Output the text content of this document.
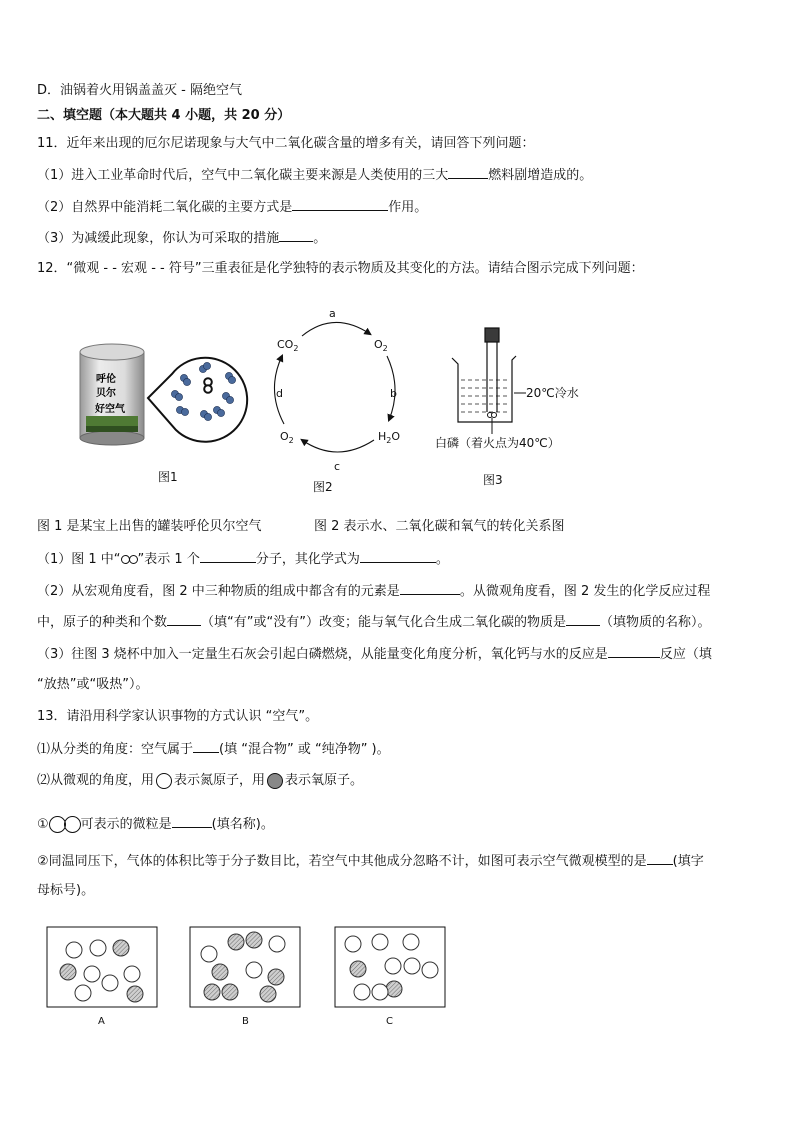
D．油锅着火用锅盖盖灭 - 隔绝空气
二、填空题（本大题共 4 小题，共 20 分）
11．近年来出现的厄尔尼诺现象与大气中二氧化碳含量的增多有关，请回答下列问题：
（1）进入工业革命时代后，空气中二氧化碳主要来源是人类使用的三大	燃料剧增造成的。
（2）自然界中能消耗二氧化碳的主要方式是	作用。
（3）为减缓此现象，你认为可采取的措施	。
12．“微观 - - 宏观 - - 符号”三重表征是化学独特的表示物质及其变化的方法。请结合图示完成下列问题：
呼伦
贝尔
好空气
图1
$CO_2$	$O_2$
$H_2O$
$O_2$
a
b
c
d
图2
20℃冷水
白磷（着火点为40℃）
图3
图 1 是某宝上出售的罐装呼伦贝尔空气	图 2 表示水、二氧化碳和氧气的转化关系图
（1）图 1 中“ ”表示 1 个	分子，其化学式为	。
（2）从宏观角度看，图 2 中三种物质的组成中都含有的元素是	。从微观角度看，图 2 发生的化学反应过程
中，原子的种类和个数	（填“有”或“没有”）改变；能与氧气化合生成二氧化碳的物质是	（填物质的名称）。
（3）往图 3 烧杯中加入一定量生石灰会引起白磷燃烧，从能量变化角度分析，氧化钙与水的反应是	反应（填
“放热”或“吸热”）。
13．请沿用科学家认识事物的方式认识 “空气”。
⑴从分类的角度：空气属于 (填 “混合物” 或 “纯净物” )。
⑵从微观的角度，用 表示氮原子，用 表示氧原子。
① 可表示的微粒是	(填名称)。
②同温同压下，气体的体积比等于分子数目比，若空气中其他成分忽略不计，如图可表示空气微观模型的是 (填字
母标号)。
A	B	C
